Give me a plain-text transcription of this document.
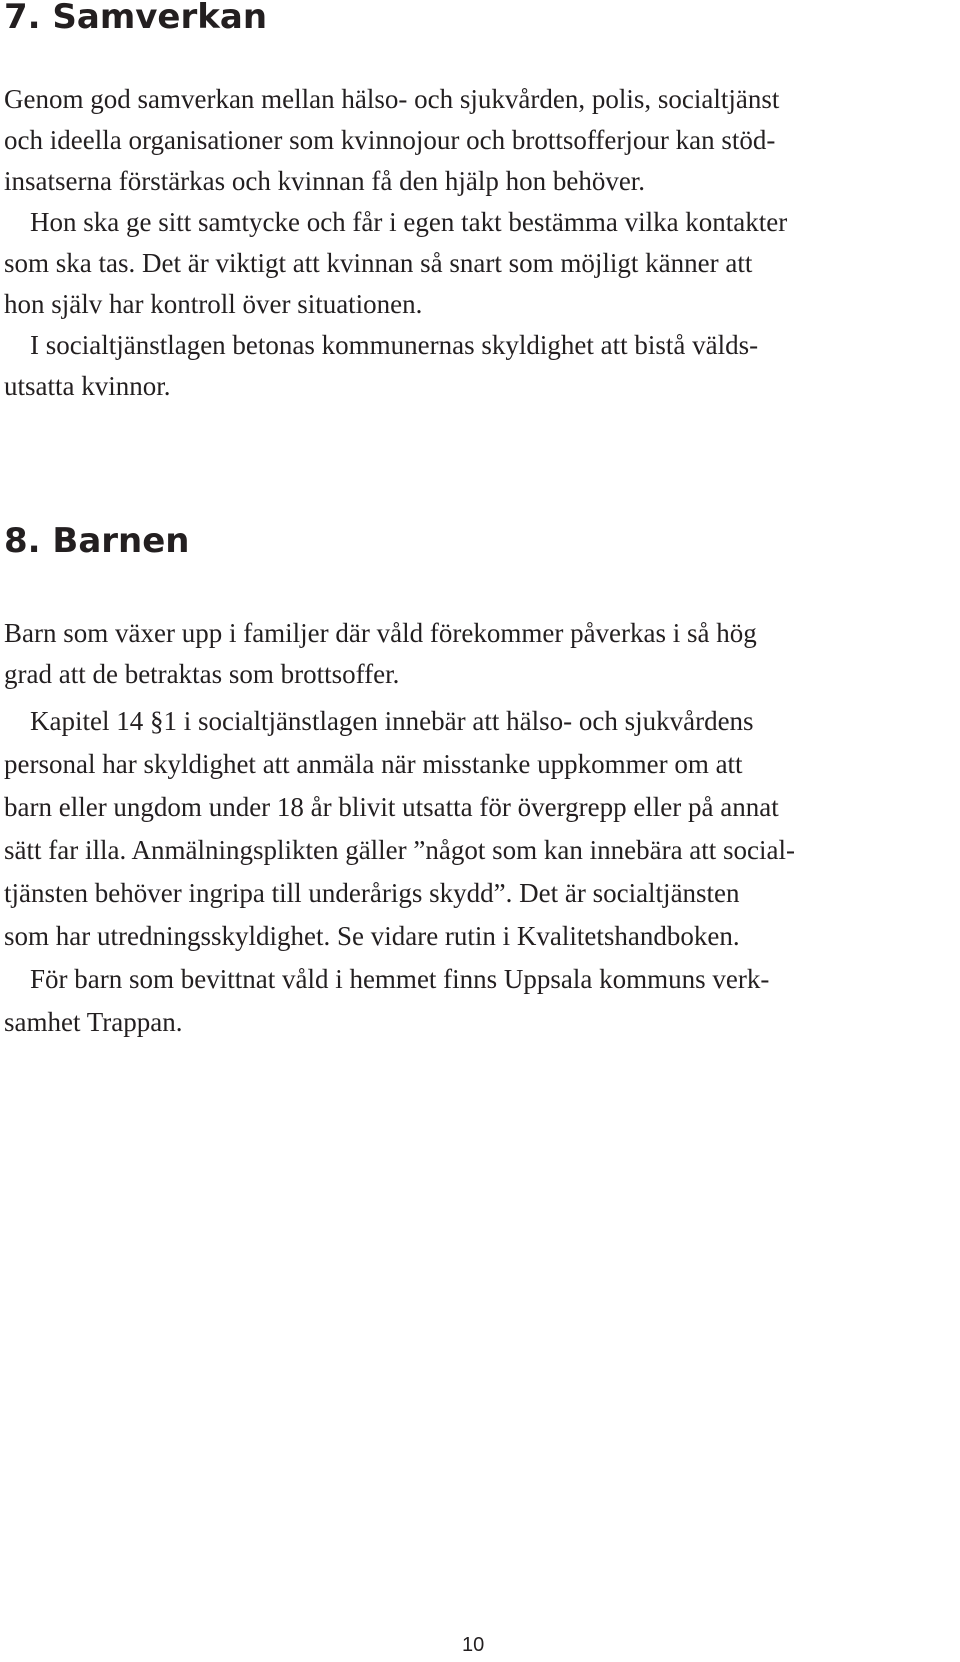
7. Samverkan

Genom god samverkan mellan hälso- och sjukvården, polis, socialtjänst

och ideella organisationer som kvinnojour och brottsofferjour kan stöd-

insatserna förstärkas och kvinnan få den hjälp hon behöver.

Hon ska ge sitt samtycke och får i egen takt bestämma vilka kontakter

som ska tas. Det är viktigt att kvinnan så snart som möjligt känner att

hon själv har kontroll över situationen.

I socialtjänstlagen betonas kommunernas skyldighet att bistå välds-

utsatta kvinnor.

8. Barnen

Barn som växer upp i familjer där våld förekommer påverkas i så hög

grad att de betraktas som brottsoffer.

Kapitel 14 §1 i socialtjänstlagen innebär att hälso- och sjukvårdens

personal har skyldighet att anmäla när misstanke uppkommer om att

barn eller ungdom under 18 år blivit utsatta för övergrepp eller på annat

sätt far illa. Anmälningsplikten gäller ”något som kan innebära att social-

tjänsten behöver ingripa till underårigs skydd”. Det är socialtjänsten

som har utredningsskyldighet. Se vidare rutin i Kvalitetshandboken.

För barn som bevittnat våld i hemmet finns Uppsala kommuns verk-

samhet Trappan.

10
